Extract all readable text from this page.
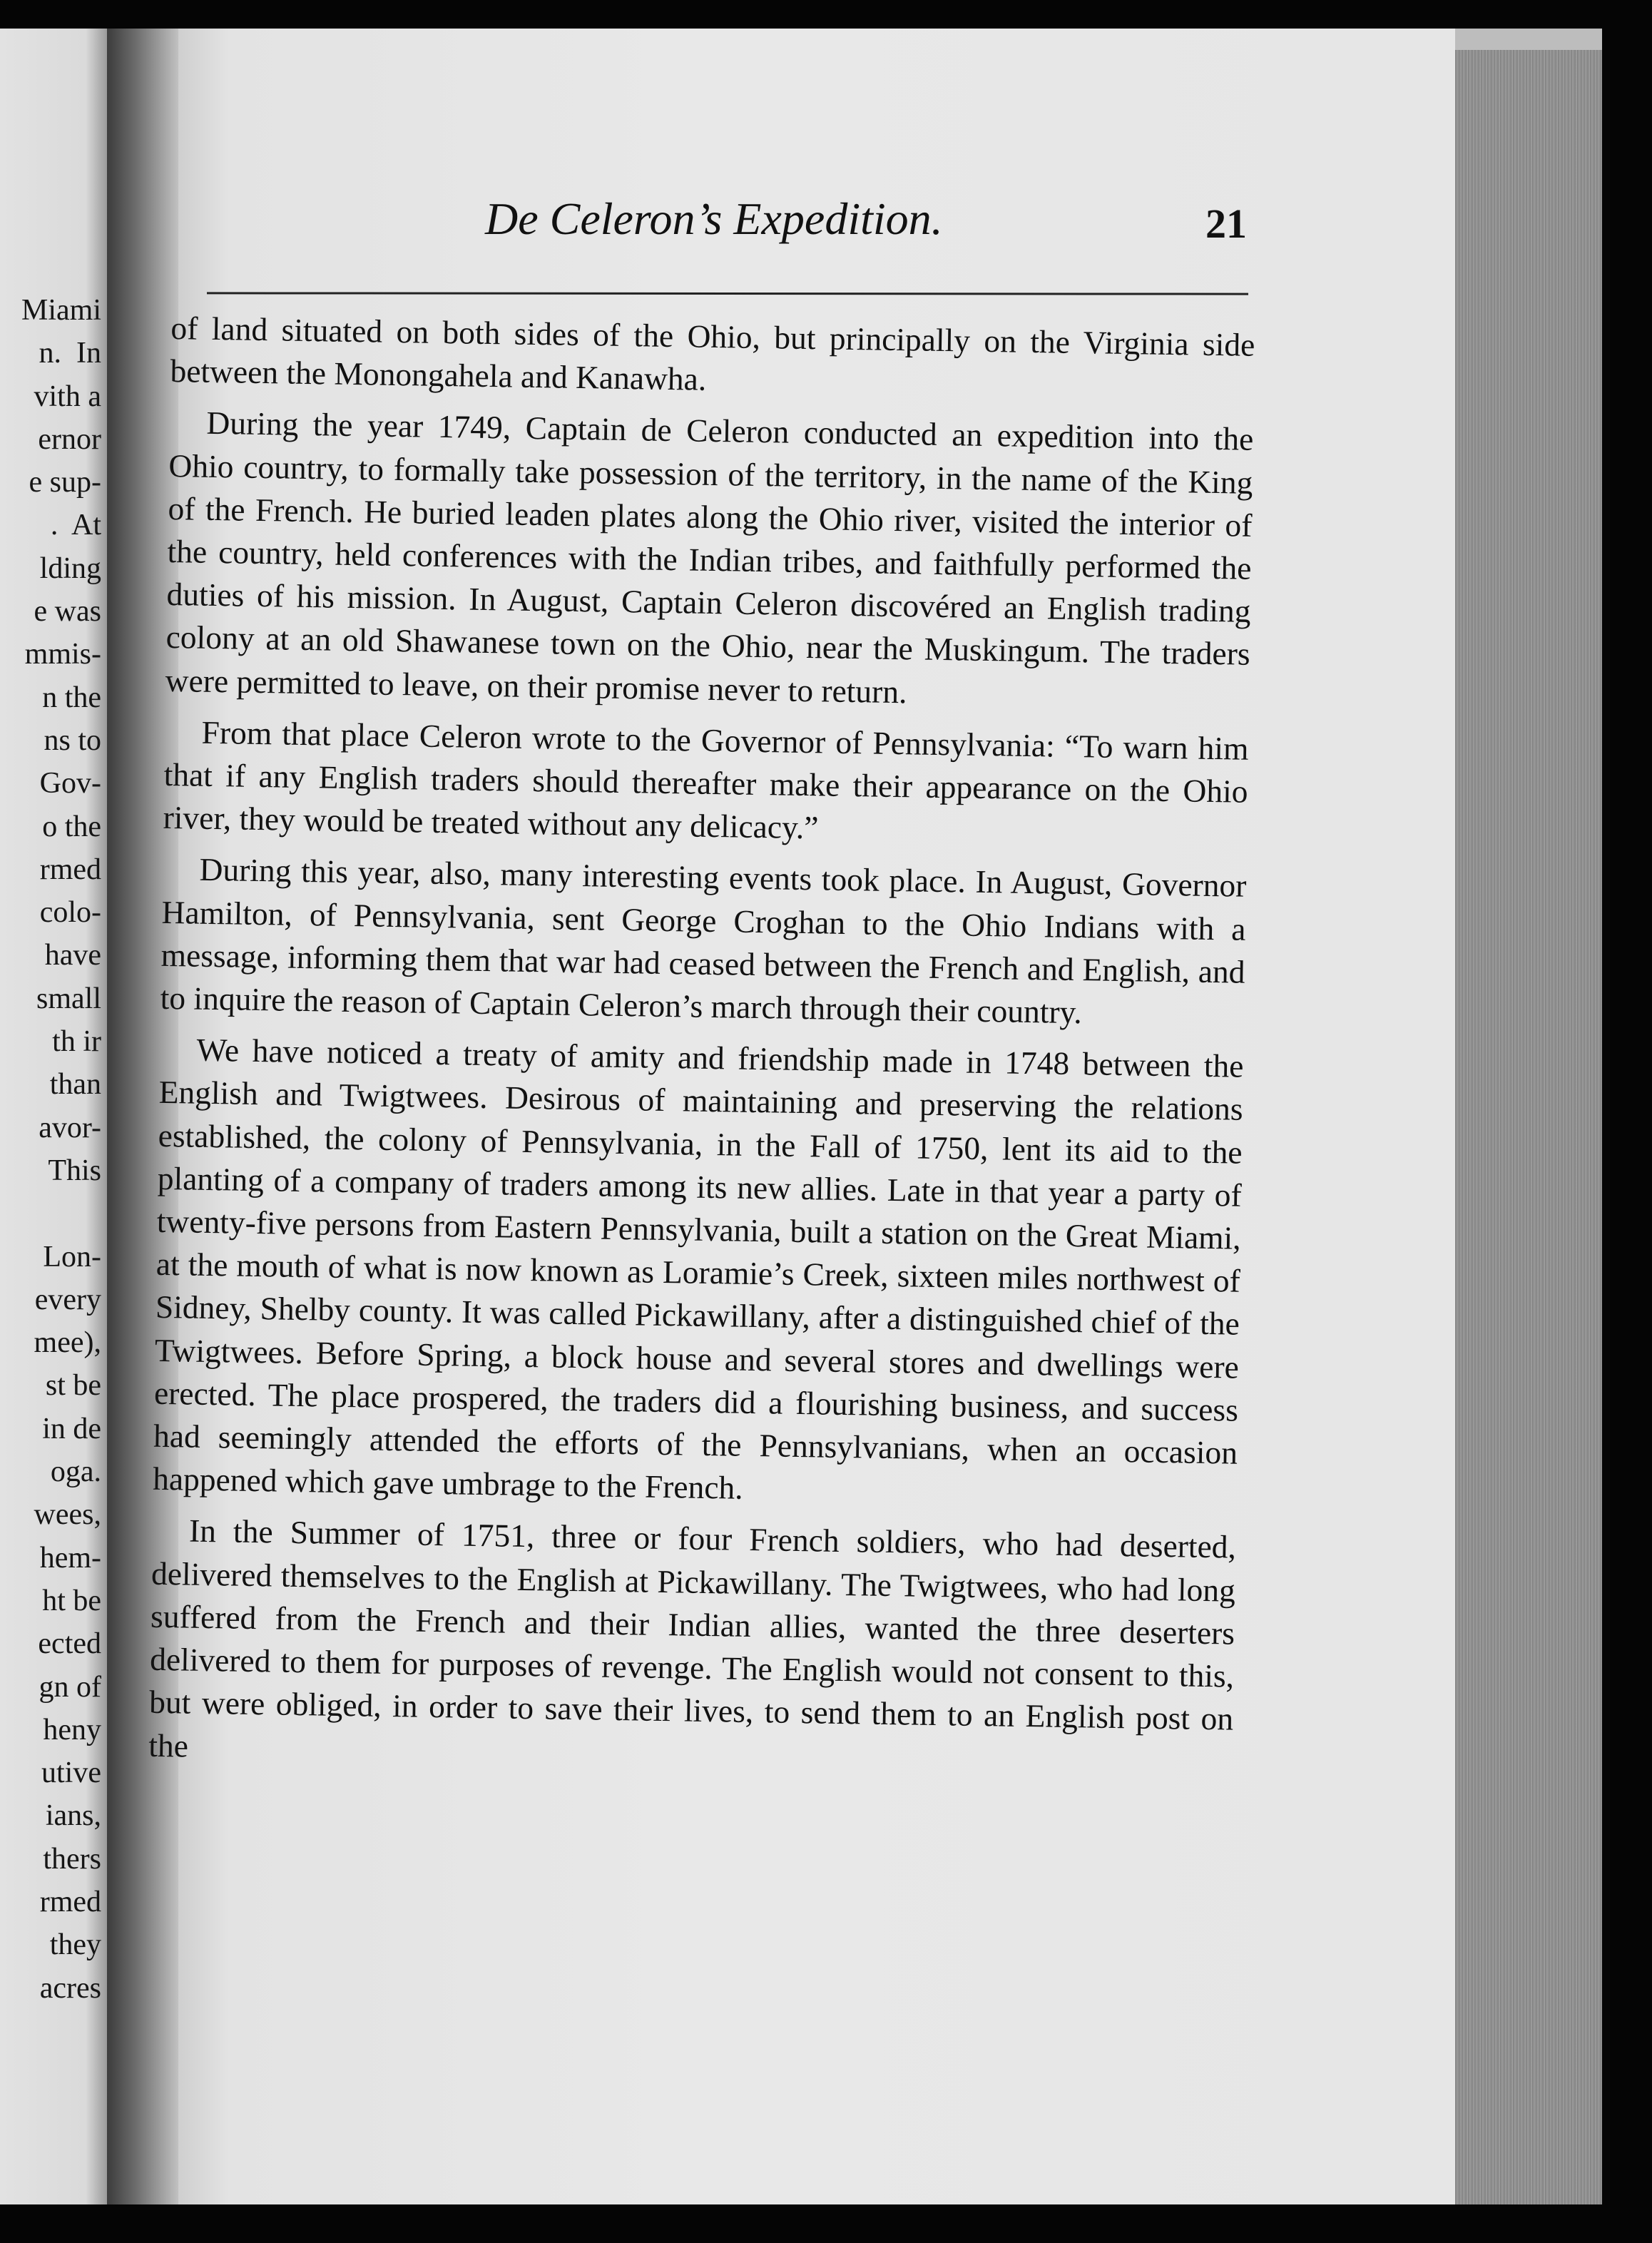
Miami
n.  In
vith a
ernor
e sup-
.  At
lding
e was
mmis-
n the
ns to
Gov-
o the
rmed
colo-
have
small
th ir
than
avor-
This

Lon-
every
mee),
st be
in de
oga.
wees,
hem-
ht be
ected
gn of
heny
utive
ians,
thers
rmed
they
acres
De Celeron’s Expedition.	21

of land situated on both sides of the Ohio, but principally on the Virginia side between the Monongahela and Kanawha.

During the year 1749, Captain de Celeron conducted an expedition into the Ohio country, to formally take possession of the territory, in the name of the King of the French. He buried leaden plates along the Ohio river, visited the interior of the country, held conferences with the Indian tribes, and faithfully performed the duties of his mission. In August, Captain Celeron discovéred an English trading colony at an old Shawanese town on the Ohio, near the Muskingum. The traders were permitted to leave, on their promise never to return.

From that place Celeron wrote to the Governor of Pennsylvania: “To warn him that if any English traders should thereafter make their appearance on the Ohio river, they would be treated without any delicacy.”

During this year, also, many interesting events took place. In August, Governor Hamilton, of Pennsylvania, sent George Croghan to the Ohio Indians with a message, informing them that war had ceased between the French and English, and to inquire the reason of Captain Celeron’s march through their country.

We have noticed a treaty of amity and friendship made in 1748 between the English and Twigtwees. Desirous of maintaining and preserving the relations established, the colony of Pennsylvania, in the Fall of 1750, lent its aid to the planting of a company of traders among its new allies. Late in that year a party of twenty-five persons from Eastern Pennsylvania, built a station on the Great Miami, at the mouth of what is now known as Loramie’s Creek, sixteen miles northwest of Sidney, Shelby county. It was called Pickawillany, after a distinguished chief of the Twigtwees. Before Spring, a block house and several stores and dwellings were erected. The place prospered, the traders did a flourishing business, and success had seemingly attended the efforts of the Pennsylvanians, when an occasion happened which gave umbrage to the French.

In the Summer of 1751, three or four French soldiers, who had deserted, delivered themselves to the English at Pickawillany. The Twigtwees, who had long suffered from the French and their Indian allies, wanted the three deserters delivered to them for purposes of revenge. The English would not consent to this, but were obliged, in order to save their lives, to send them to an English post on the
